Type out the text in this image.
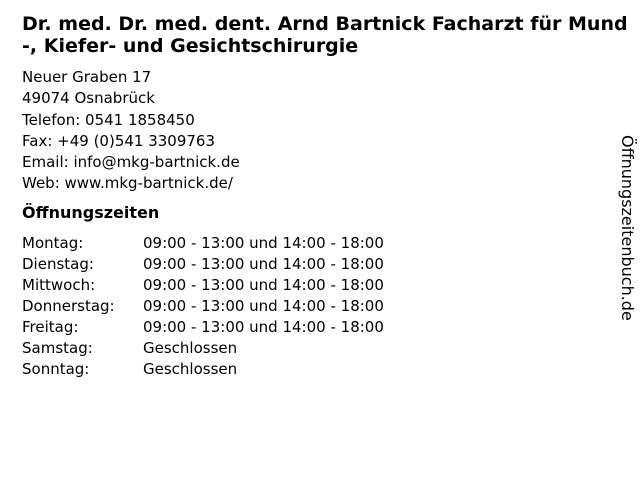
Dr. med. Dr. med. dent. Arnd Bartnick Facharzt für Mund-, Kiefer- und Gesichtschirurgie
Neuer Graben 17
49074 Osnabrück
Telefon: 0541 1858450
Fax: +49 (0)541 3309763
Email: info@mkg-bartnick.de
Web: www.mkg-bartnick.de/
Öffnungszeiten
Montag:	09:00 - 13:00 und 14:00 - 18:00
Dienstag:	09:00 - 13:00 und 14:00 - 18:00
Mittwoch:	09:00 - 13:00 und 14:00 - 18:00
Donnerstag:	09:00 - 13:00 und 14:00 - 18:00
Freitag:	09:00 - 13:00 und 14:00 - 18:00
Samstag:	Geschlossen
Sonntag:	Geschlossen
Öffnungszeitenbuch.de
